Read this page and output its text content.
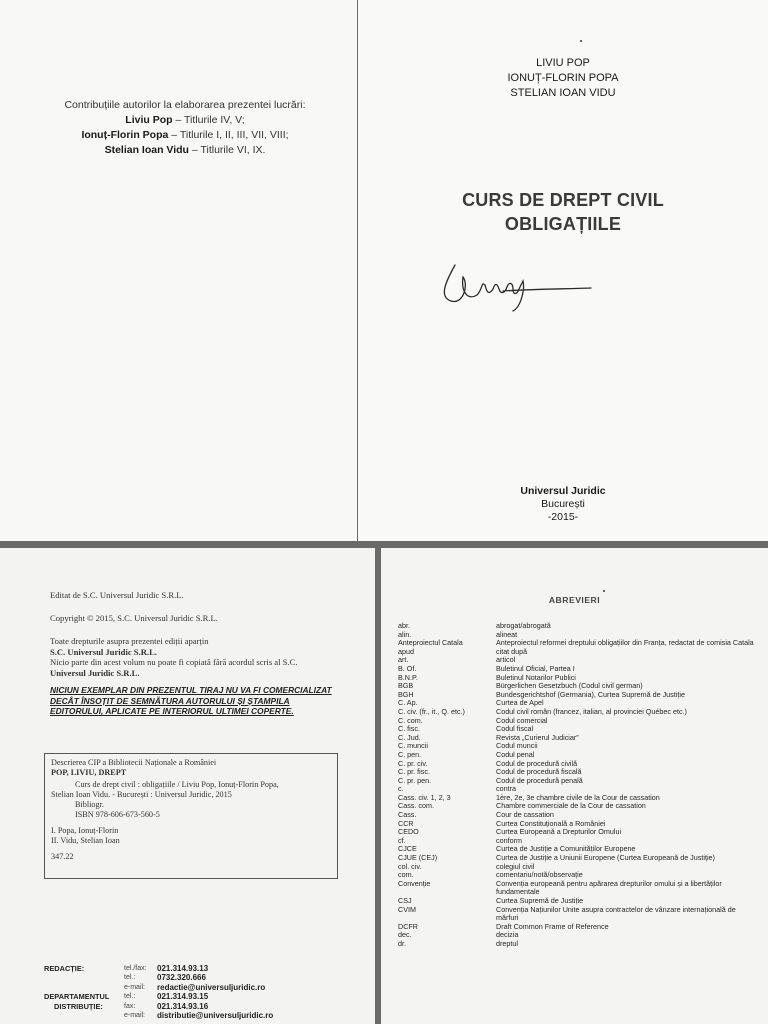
Contribuțiile autorilor la elaborarea prezentei lucrări:
Liviu Pop – Titlurile IV, V;
Ionuț-Florin Popa – Titlurile I, II, III, VII, VIII;
Stelian Ioan Vidu – Titlurile VI, IX.
LIVIU POP
IONUȚ-FLORIN POPA
STELIAN IOAN VIDU
CURS DE DREPT CIVIL
OBLIGAȚIILE
Universul Juridic
București
-2015-
Editat de S.C. Universul Juridic S.R.L.
Copyright © 2015, S.C. Universul Juridic S.R.L.
Toate drepturile asupra prezentei ediții aparțin
S.C. Universul Juridic S.R.L.
Nicio parte din acest volum nu poate fi copiată fără acordul scris al S.C.
Universul Juridic S.R.L.
NICIUN EXEMPLAR DIN PREZENTUL TIRAJ NU VA FI COMERCIALIZAT DECÂT ÎNSOȚIT DE SEMNĂTURA AUTORULUI ȘI ȘTAMPILA EDITORULUI, APLICATE PE INTERIORUL ULTIMEI COPERTE.
Descrierea CIP a Bibliotecii Naționale a României
POP, LIVIU, DREPT
Curs de drept civil : obligațiile / Liviu Pop, Ionuț-Florin Popa,
Stelian Ioan Vidu. - București : Universul Juridic, 2015
Bibliogr.
ISBN 978-606-673-560-5
I. Popa, Ionuț-Florin
II. Vidu, Stelian Ioan
347.22
REDACȚIE:	tel./fax:	021.314.93.13
tel.:	0732.320.666
e-mail:	redactie@universuljuridic.ro
DEPARTAMENTUL	tel.:	021.314.93.15
DISTRIBUȚIE:	fax:	021.314.93.16
e-mail:	distributie@universuljuridic.ro
ABREVIERI
abr.	abrogat/abrogată
alin.	alineat
Anteproiectul Catala	Anteproiectul reformei dreptului obligațiilor din Franța, redactat de comisia Catala
apud	citat după
art.	articol
B. Of.	Buletinul Oficial, Partea I
B.N.P.	Buletinul Notarilor Publici
BGB	Bürgerlichen Gesetzbuch (Codul civil german)
BGH	Bundesgerichtshof (Germania), Curtea Supremă de Justiție
C. Ap.	Curtea de Apel
C. civ. (fr., it., Q. etc.)	Codul civil român (francez, italian, al provinciei Québec etc.)
C. com.	Codul comercial
C. fisc.	Codul fiscal
C. Jud.	Revista „Curierul Judiciar”
C. muncii	Codul muncii
C. pen.	Codul penal
C. pr. civ.	Codul de procedură civilă
C. pr. fisc.	Codul de procedură fiscală
C. pr. pen.	Codul de procedură penală
c.	contra
Cass. civ. 1, 2, 3	1ère, 2e, 3e chambre civile de la Cour de cassation
Cass. com.	Chambre commerciale de la Cour de cassation
Cass.	Cour de cassation
CCR	Curtea Constituțională a României
CEDO	Curtea Europeană a Drepturilor Omului
cf.	conform
CJCE	Curtea de Justiție a Comunităților Europene
CJUE (CEJ)	Curtea de Justiție a Uniunii Europene (Curtea Europeană de Justiție)
col. civ.	colegiul civil
com.	comentariu/notă/observație
Convenție	Convenția europeană pentru apărarea drepturilor omului și a libertăților fundamentale
CSJ	Curtea Supremă de Justiție
CVIM	Convenția Națiunilor Unite asupra contractelor de vânzare internațională de mărfuri
DCFR	Draft Common Frame of Reference
dec.	decizia
dr.	dreptul
